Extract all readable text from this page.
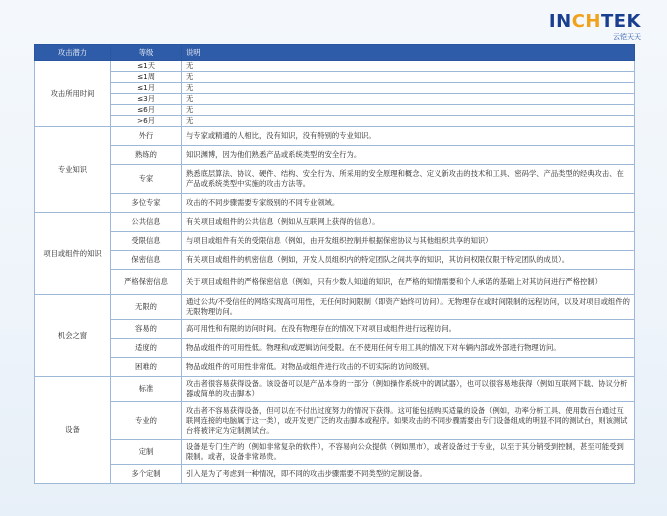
INCHTEK
云铠天天
攻击潜力	等级	说明
攻击所用时间	≤1天	无
	≤1周	无
	≤1月	无
	≤3月	无
	≤6月	无
	>6月	无
专业知识	外行	与专家或精通的人相比，没有知识，没有特别的专业知识。
	熟练的	知识渊博，因为他们熟悉产品或系统类型的安全行为。
	专家	熟悉底层算法、协议、硬件、结构、安全行为、所采用的安全原理和概念、定义新攻击的技术和工具、密码学、产品类型的经典攻击、在产品或系统类型中实施的攻击方法等。
	多位专家	攻击的不同步骤需要专家级别的不同专业领域。
项目或组件的知识	公共信息	有关项目或组件的公共信息（例如从互联网上获得的信息）。
	受限信息	与项目或组件有关的受限信息（例如，由开发组织控制并根据保密协议与其他组织共享的知识）
	保密信息	有关项目或组件的机密信息（例如，开发人员组织内的特定团队之间共享的知识，其访问权限仅限于特定团队的成员）。
	严格保密信息	关于项目或组件的严格保密信息（例如，只有少数人知道的知识，在严格的知情需要和个人承诺的基础上对其访问进行严格控制）
机会之窗	无限的	通过公共/不受信任的网络实现高可用性，无任何时间限制（即资产始终可访问）。无物理存在或时间限制的远程访问，以及对项目或组件的无限物理访问。
	容易的	高可用性和有限的访问时间。在没有物理存在的情况下对项目或组件进行远程访问。
	适度的	物品或组件的可用性低。物理和/或逻辑访问受限。在不使用任何专用工具的情况下对车辆内部或外部进行物理访问。
	困难的	物品或组件的可用性非常低。对物品或组件进行攻击的不切实际的访问级别。
设备	标准	攻击者很容易获得设备。该设备可以是产品本身的一部分（例如操作系统中的调试器），也可以很容易地获得（例如互联网下载、协议分析器或简单的攻击脚本）
	专业的	攻击者不容易获得设备，但可以在不付出过度努力的情况下获得。这可能包括购买适量的设备（例如，功率分析工具、使用数百台通过互联网连接的电脑属于这一类），或开发更广泛的攻击脚本或程序。如果攻击的不同步骤需要由专门设备组成的明显不同的测试台，则该测试台将被评定为定制测试台。
	定制	设备是专门生产的（例如非常复杂的软件），不容易向公众提供（例如黑市），或者设备过于专业，以至于其分销受到控制，甚至可能受到限制。或者，设备非常昂贵。
	多个定制	引入是为了考虑到一种情况，即不同的攻击步骤需要不同类型的定制设备。
